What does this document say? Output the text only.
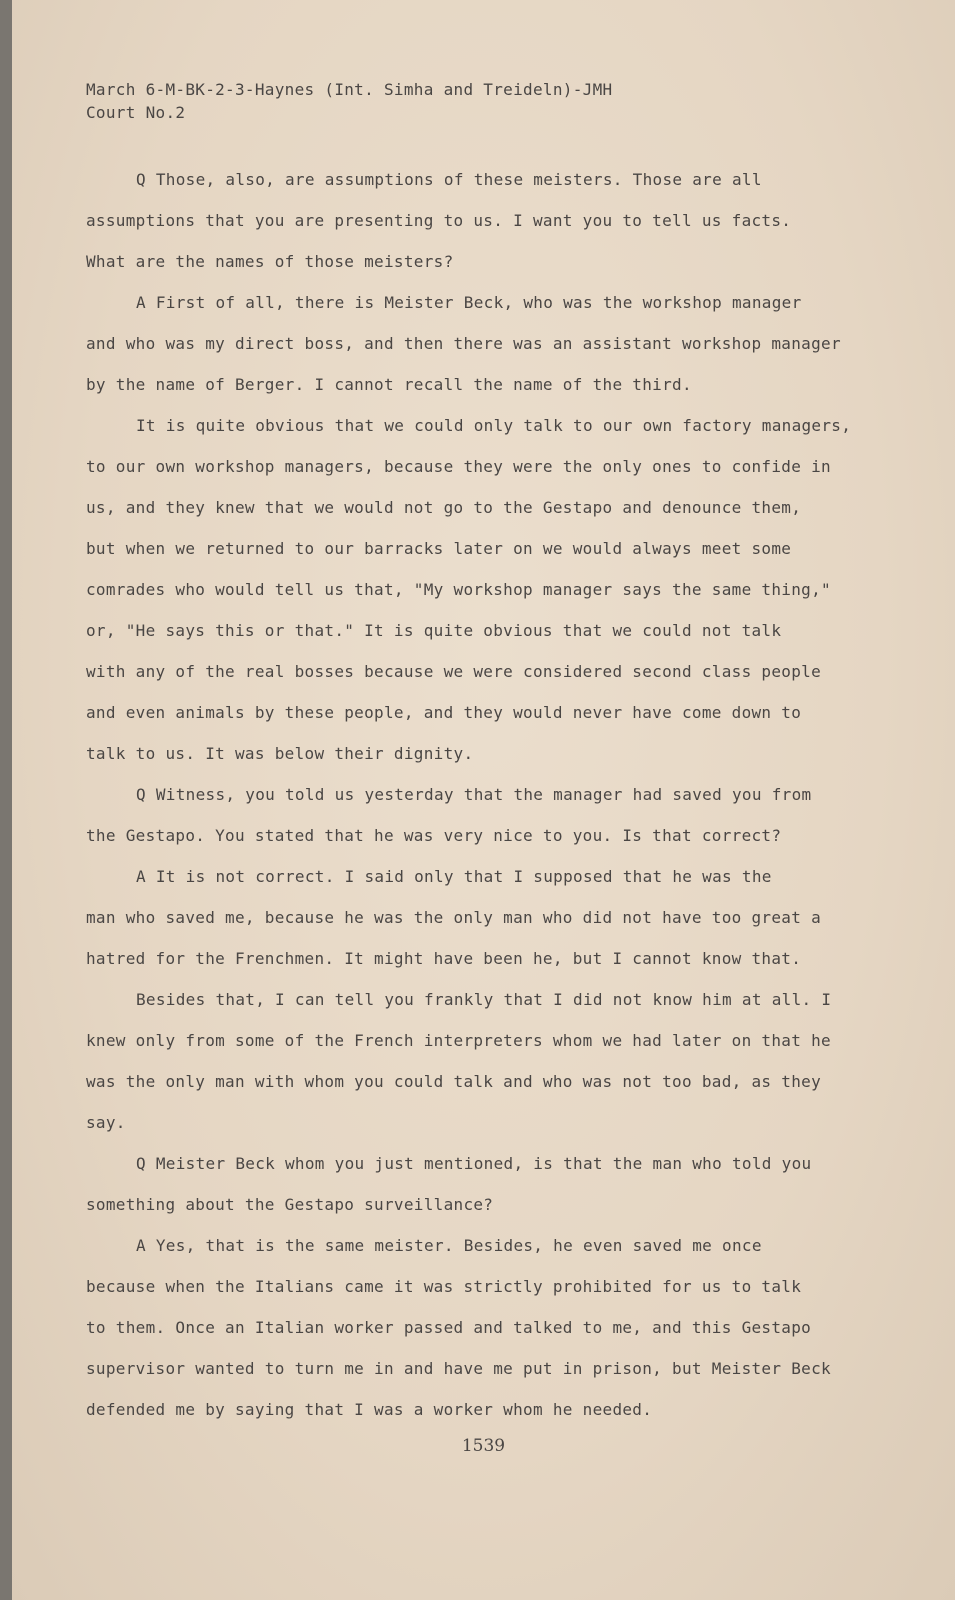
March 6-M-BK-2-3-Haynes (Int. Simha and Treideln)-JMH
Court No.2
Q Those, also, are assumptions of these meisters. Those are all
assumptions that you are presenting to us. I want you to tell us facts.
What are the names of those meisters?
A First of all, there is Meister Beck, who was the workshop manager
and who was my direct boss, and then there was an assistant workshop manager
by the name of Berger. I cannot recall the name of the third.
It is quite obvious that we could only talk to our own factory managers,
to our own workshop managers, because they were the only ones to confide in
us, and they knew that we would not go to the Gestapo and denounce them,
but when we returned to our barracks later on we would always meet some
comrades who would tell us that, "My workshop manager says the same thing,"
or, "He says this or that." It is quite obvious that we could not talk
with any of the real bosses because we were considered second class people
and even animals by these people, and they would never have come down to
talk to us. It was below their dignity.
Q Witness, you told us yesterday that the manager had saved you from
the Gestapo. You stated that he was very nice to you. Is that correct?
A It is not correct. I said only that I supposed that he was the
man who saved me, because he was the only man who did not have too great a
hatred for the Frenchmen. It might have been he, but I cannot know that.
Besides that, I can tell you frankly that I did not know him at all. I
knew only from some of the French interpreters whom we had later on that he
was the only man with whom you could talk and who was not too bad, as they
say.
Q Meister Beck whom you just mentioned, is that the man who told you
something about the Gestapo surveillance?
A Yes, that is the same meister. Besides, he even saved me once
because when the Italians came it was strictly prohibited for us to talk
to them. Once an Italian worker passed and talked to me, and this Gestapo
supervisor wanted to turn me in and have me put in prison, but Meister Beck
defended me by saying that I was a worker whom he needed.
1539
